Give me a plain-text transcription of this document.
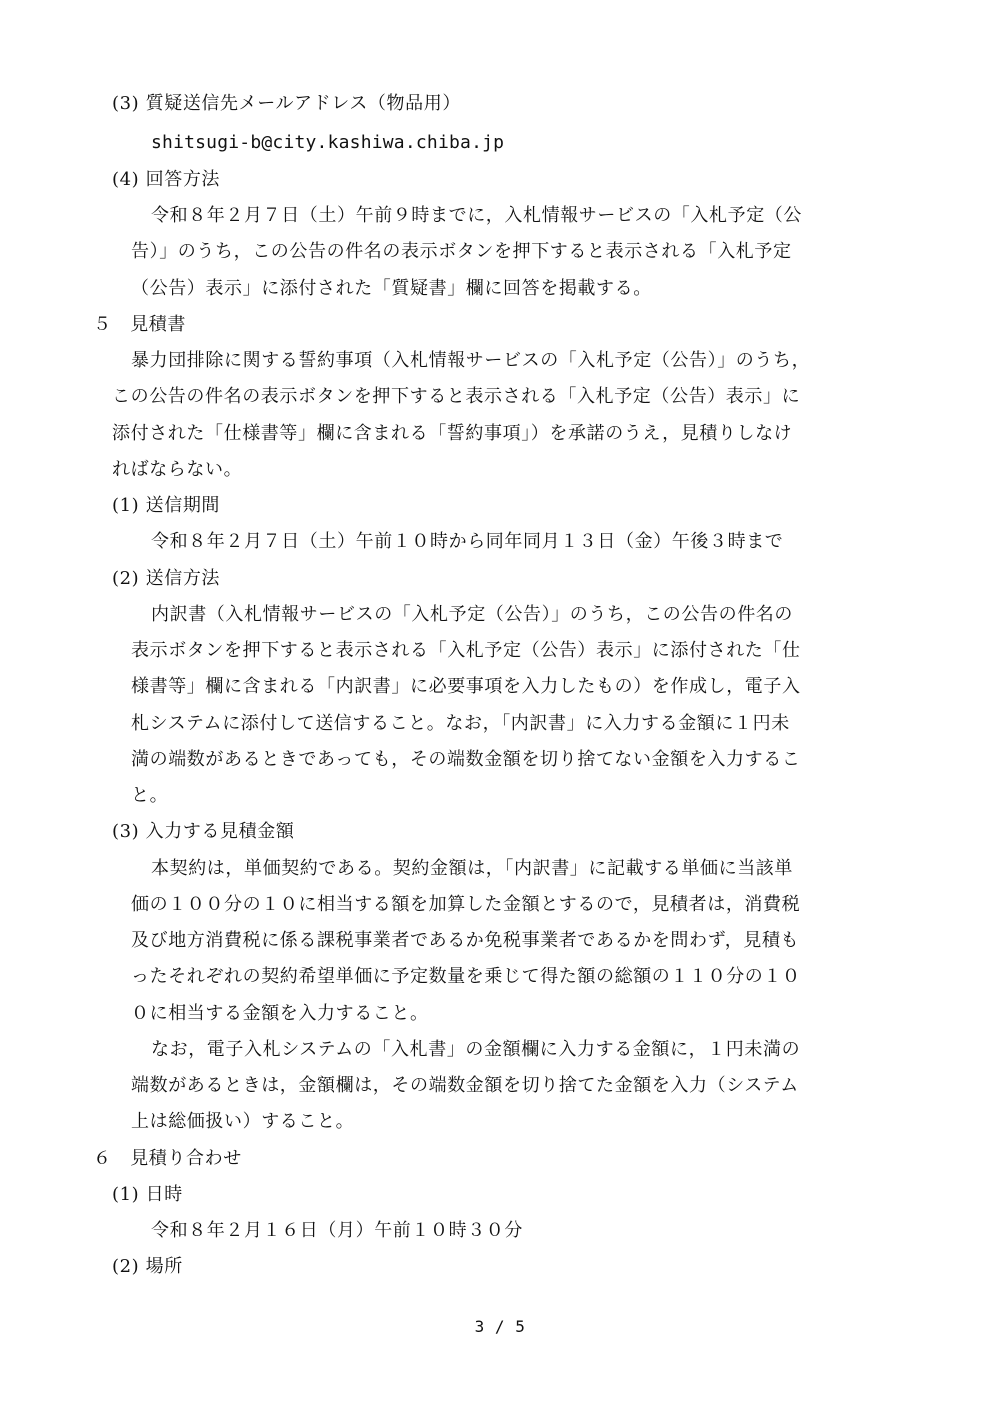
(3) 質疑送信先メールアドレス（物品用）
shitsugi-b@city.kashiwa.chiba.jp
(4) 回答方法
令和８年２月７日（土）午前９時までに，入札情報サービスの「入札予定（公
告）」のうち，この公告の件名の表示ボタンを押下すると表示される「入札予定
（公告）表示」に添付された「質疑書」欄に回答を掲載する。
５　見積書
暴力団排除に関する誓約事項（入札情報サービスの「入札予定（公告）」のうち，
この公告の件名の表示ボタンを押下すると表示される「入札予定（公告）表示」に
添付された「仕様書等」欄に含まれる「誓約事項」）を承諾のうえ，見積りしなけ
ればならない。
(1) 送信期間
令和８年２月７日（土）午前１０時から同年同月１３日（金）午後３時まで
(2) 送信方法
内訳書（入札情報サービスの「入札予定（公告）」のうち，この公告の件名の
表示ボタンを押下すると表示される「入札予定（公告）表示」に添付された「仕
様書等」欄に含まれる「内訳書」に必要事項を入力したもの）を作成し，電子入
札システムに添付して送信すること。なお，「内訳書」に入力する金額に１円未
満の端数があるときであっても，その端数金額を切り捨てない金額を入力するこ
と。
(3) 入力する見積金額
本契約は，単価契約である。契約金額は，「内訳書」に記載する単価に当該単
価の１００分の１０に相当する額を加算した金額とするので，見積者は，消費税
及び地方消費税に係る課税事業者であるか免税事業者であるかを問わず，見積も
ったそれぞれの契約希望単価に予定数量を乗じて得た額の総額の１１０分の１０
０に相当する金額を入力すること。
なお，電子入札システムの「入札書」の金額欄に入力する金額に，１円未満の
端数があるときは，金額欄は，その端数金額を切り捨てた金額を入力（システム
上は総価扱い）すること。
６　見積り合わせ
(1) 日時
令和８年２月１６日（月）午前１０時３０分
(2) 場所
3 / 5
